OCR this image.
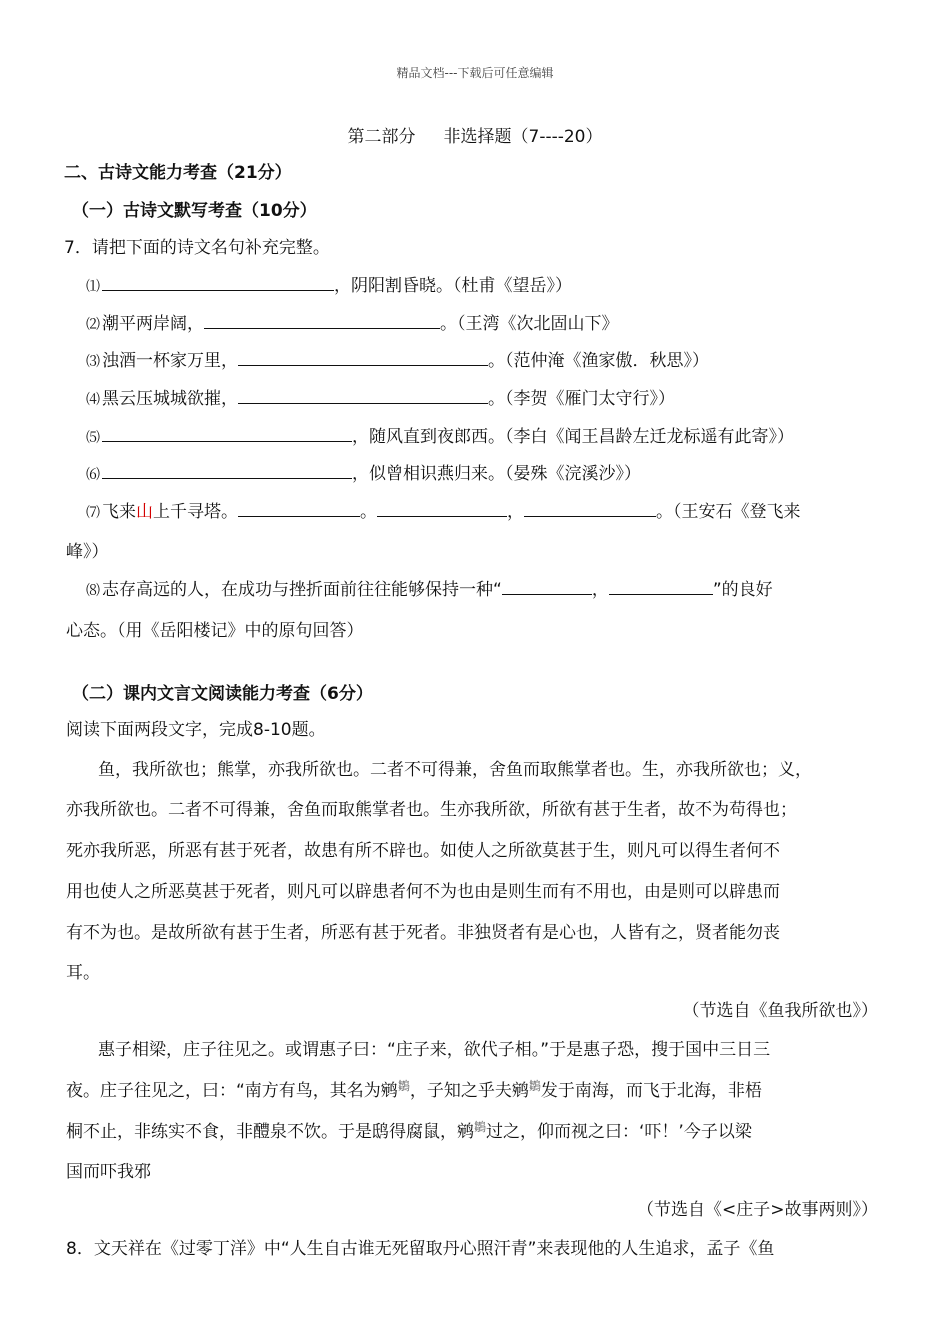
精品文档---下载后可任意编辑
第二部分 非选择题（7----20）
二、古诗文能力考查（21分）
（一）古诗文默写考查（10分）
7．请把下面的诗文名句补充完整。
⑴	，阴阳割昏晓。（杜甫《望岳》）
⑵ 潮平两岸阔，	。（王湾《次北固山下》
⑶ 浊酒一杯家万里，	。（范仲淹《渔家傲．秋思》）
⑷ 黑云压城城欲摧，	。（李贺《雁门太守行》）
⑸	，随风直到夜郎西。（李白《闻王昌龄左迁龙标遥有此寄》）
⑹	，似曾相识燕归来。（晏殊《浣溪沙》）
⑺ 飞来山上千寻塔。	。	，	。（王安石《登飞来
峰》）
⑻ 志存高远的人，在成功与挫折面前往往能够保持一种“	，	”的良好
心态。（用《岳阳楼记》中的原句回答）
（二）课内文言文阅读能力考查（6分）
阅读下面两段文字，完成8-10题。
鱼，我所欲也；熊掌，亦我所欲也。二者不可得兼，舍鱼而取熊掌者也。生，亦我所欲也；义，
亦我所欲也。二者不可得兼，舍鱼而取熊掌者也。生亦我所欲，所欲有甚于生者，故不为苟得也；
死亦我所恶，所恶有甚于死者，故患有所不辟也。如使人之所欲莫甚于生，则凡可以得生者何不
用也使人之所恶莫甚于死者，则凡可以辟患者何不为也由是则生而有不用也，由是则可以辟患而
有不为也。是故所欲有甚于生者，所恶有甚于死者。非独贤者有是心也，人皆有之，贤者能勿丧
耳。
（节选自《鱼我所欲也》）
惠子相梁，庄子往见之。或谓惠子曰：“庄子来，欲代子相。”于是惠子恐，搜于国中三日三
夜。庄子往见之，曰：“南方有鸟，其名为鹓$^鶵$，子知之乎夫鹓$^鶵$发于南海，而飞于北海，非梧
桐不止，非练实不食，非醴泉不饮。于是鸱得腐鼠，鹓$^鶵$过之，仰而视之曰：‘吓！’今子以梁
国而吓我邪
（节选自《<庄子>故事两则》）
8．文天祥在《过零丁洋》中“人生自古谁无死留取丹心照汗青”来表现他的人生追求，孟子《鱼
